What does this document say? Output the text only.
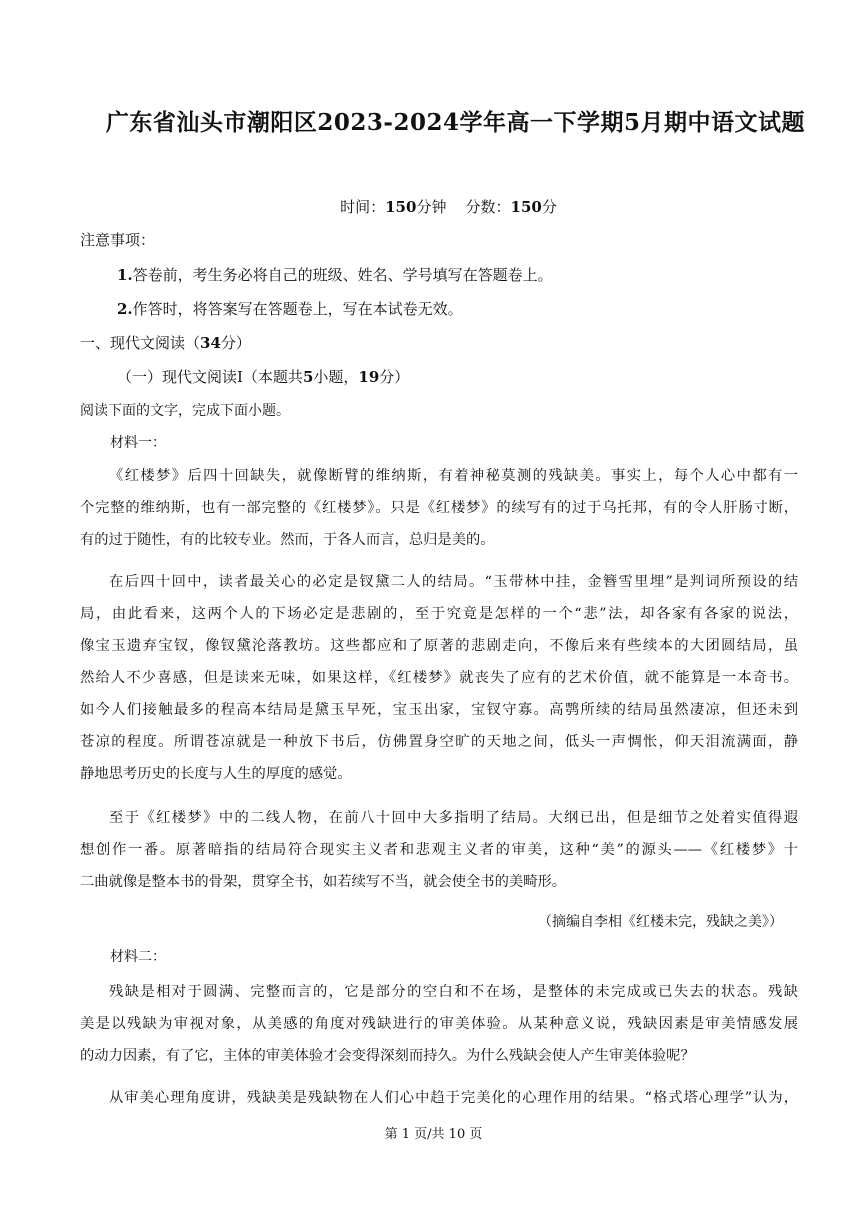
广东省汕头市潮阳区2023-2024学年高一下学期5月期中语文试题
时间：150分钟 分数：150分
注意事项：
1.答卷前，考生务必将自己的班级、姓名、学号填写在答题卷上。
2.作答时，将答案写在答题卷上，写在本试卷无效。
一、现代文阅读（34分）
（一）现代文阅读Ⅰ（本题共5小题，19分）
阅读下面的文字，完成下面小题。
材料一：
《红楼梦》后四十回缺失，就像断臂的维纳斯，有着神秘莫测的残缺美。事实上，每个人心中都有一
个完整的维纳斯，也有一部完整的《红楼梦》。只是《红楼梦》的续写有的过于乌托邦，有的令人肝肠寸断，
有的过于随性，有的比较专业。然而，于各人而言，总归是美的。
在后四十回中，读者最关心的必定是钗黛二人的结局。“玉带林中挂，金簪雪里埋”是判词所预设的结
局，由此看来，这两个人的下场必定是悲剧的，至于究竟是怎样的一个“悲”法，却各家有各家的说法，
像宝玉遗弃宝钗，像钗黛沦落教坊。这些都应和了原著的悲剧走向，不像后来有些续本的大团圆结局，虽
然给人不少喜感，但是读来无味，如果这样，《红楼梦》就丧失了应有的艺术价值，就不能算是一本奇书。
如今人们接触最多的程高本结局是黛玉早死，宝玉出家，宝钗守寡。高鹗所续的结局虽然凄凉，但还未到
苍凉的程度。所谓苍凉就是一种放下书后，仿佛置身空旷的天地之间，低头一声惆怅，仰天泪流满面，静
静地思考历史的长度与人生的厚度的感觉。
至于《红楼梦》中的二线人物，在前八十回中大多指明了结局。大纲已出，但是细节之处着实值得遐
想创作一番。原著暗指的结局符合现实主义者和悲观主义者的审美，这种“美”的源头——《红楼梦》十
二曲就像是整本书的骨架，贯穿全书，如若续写不当，就会使全书的美畸形。
（摘编自李相《红楼未完，残缺之美》）
材料二：
残缺是相对于圆满、完整而言的，它是部分的空白和不在场，是整体的未完成或已失去的状态。残缺
美是以残缺为审视对象，从美感的角度对残缺进行的审美体验。从某种意义说，残缺因素是审美情感发展
的动力因素，有了它，主体的审美体验才会变得深刻而持久。为什么残缺会使人产生审美体验呢？
从审美心理角度讲，残缺美是残缺物在人们心中趋于完美化的心理作用的结果。“格式塔心理学”认为，
第 1 页/共 10 页
